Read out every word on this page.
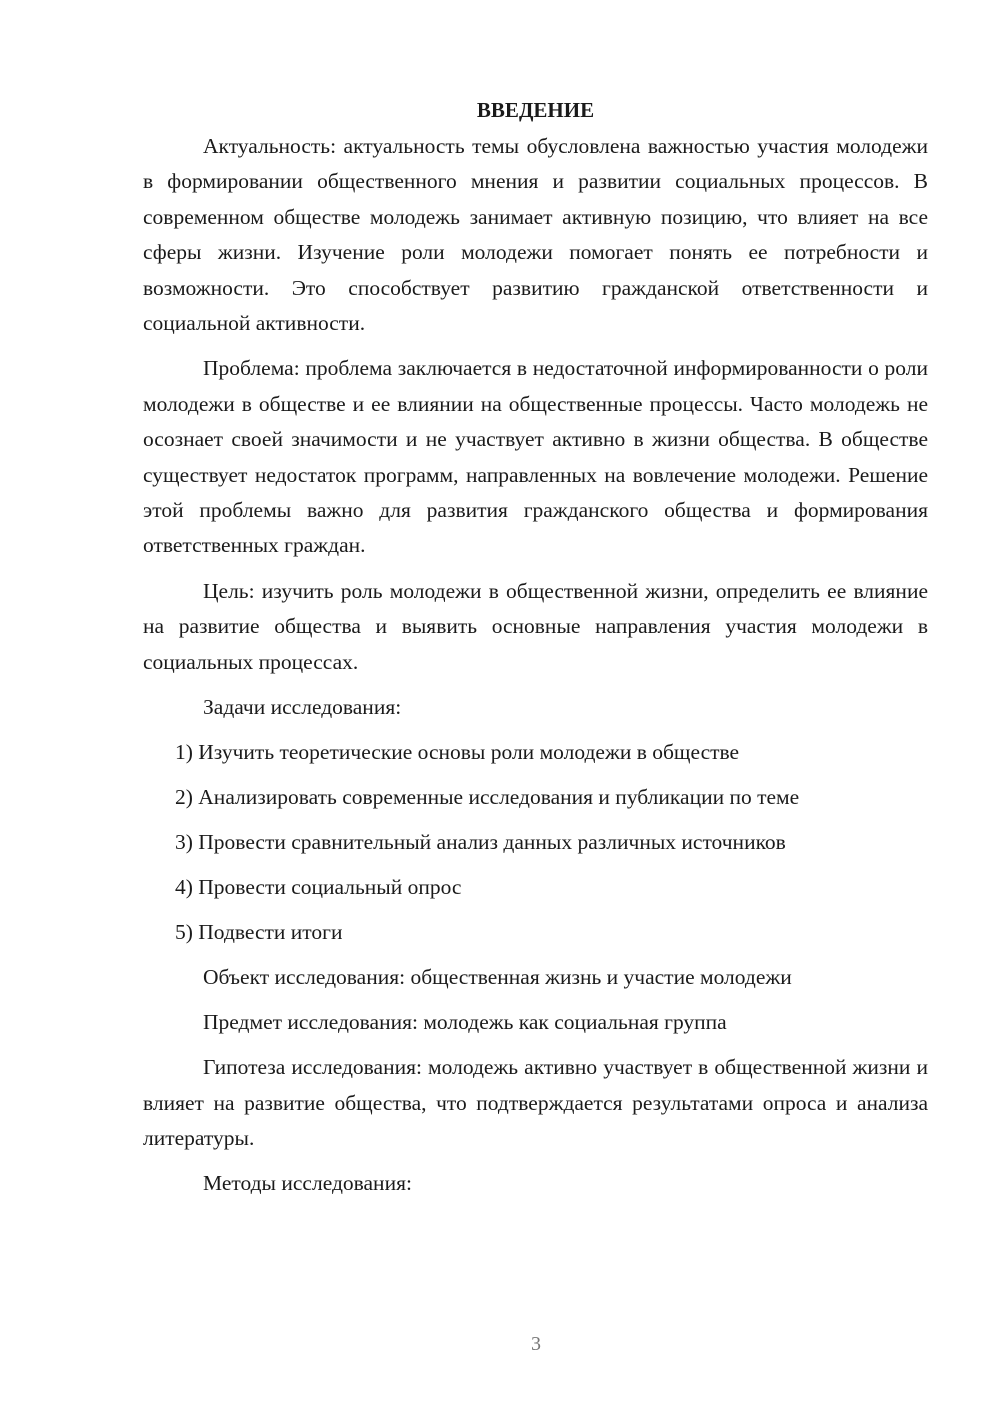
ВВЕДЕНИЕ

Актуальность: актуальность темы обусловлена важностью участия молодежи в формировании общественного мнения и развитии социальных процессов. В современном обществе молодежь занимает активную позицию, что влияет на все сферы жизни. Изучение роли молодежи помогает понять ее потребности и возможности. Это способствует развитию гражданской ответственности и социальной активности.

Проблема: проблема заключается в недостаточной информированности о роли молодежи в обществе и ее влиянии на общественные процессы. Часто молодежь не осознает своей значимости и не участвует активно в жизни общества. В обществе существует недостаток программ, направленных на вовлечение молодежи. Решение этой проблемы важно для развития гражданского общества и формирования ответственных граждан.

Цель: изучить роль молодежи в общественной жизни, определить ее влияние на развитие общества и выявить основные направления участия молодежи в социальных процессах.

Задачи исследования:
1) Изучить теоретические основы роли молодежи в обществе
2) Анализировать современные исследования и публикации по теме
3) Провести сравнительный анализ данных различных источников
4) Провести социальный опрос
5) Подвести итоги
Объект исследования: общественная жизнь и участие молодежи
Предмет исследования: молодежь как социальная группа

Гипотеза исследования: молодежь активно участвует в общественной жизни и влияет на развитие общества, что подтверждается результатами опроса и анализа литературы.

Методы исследования:
3
